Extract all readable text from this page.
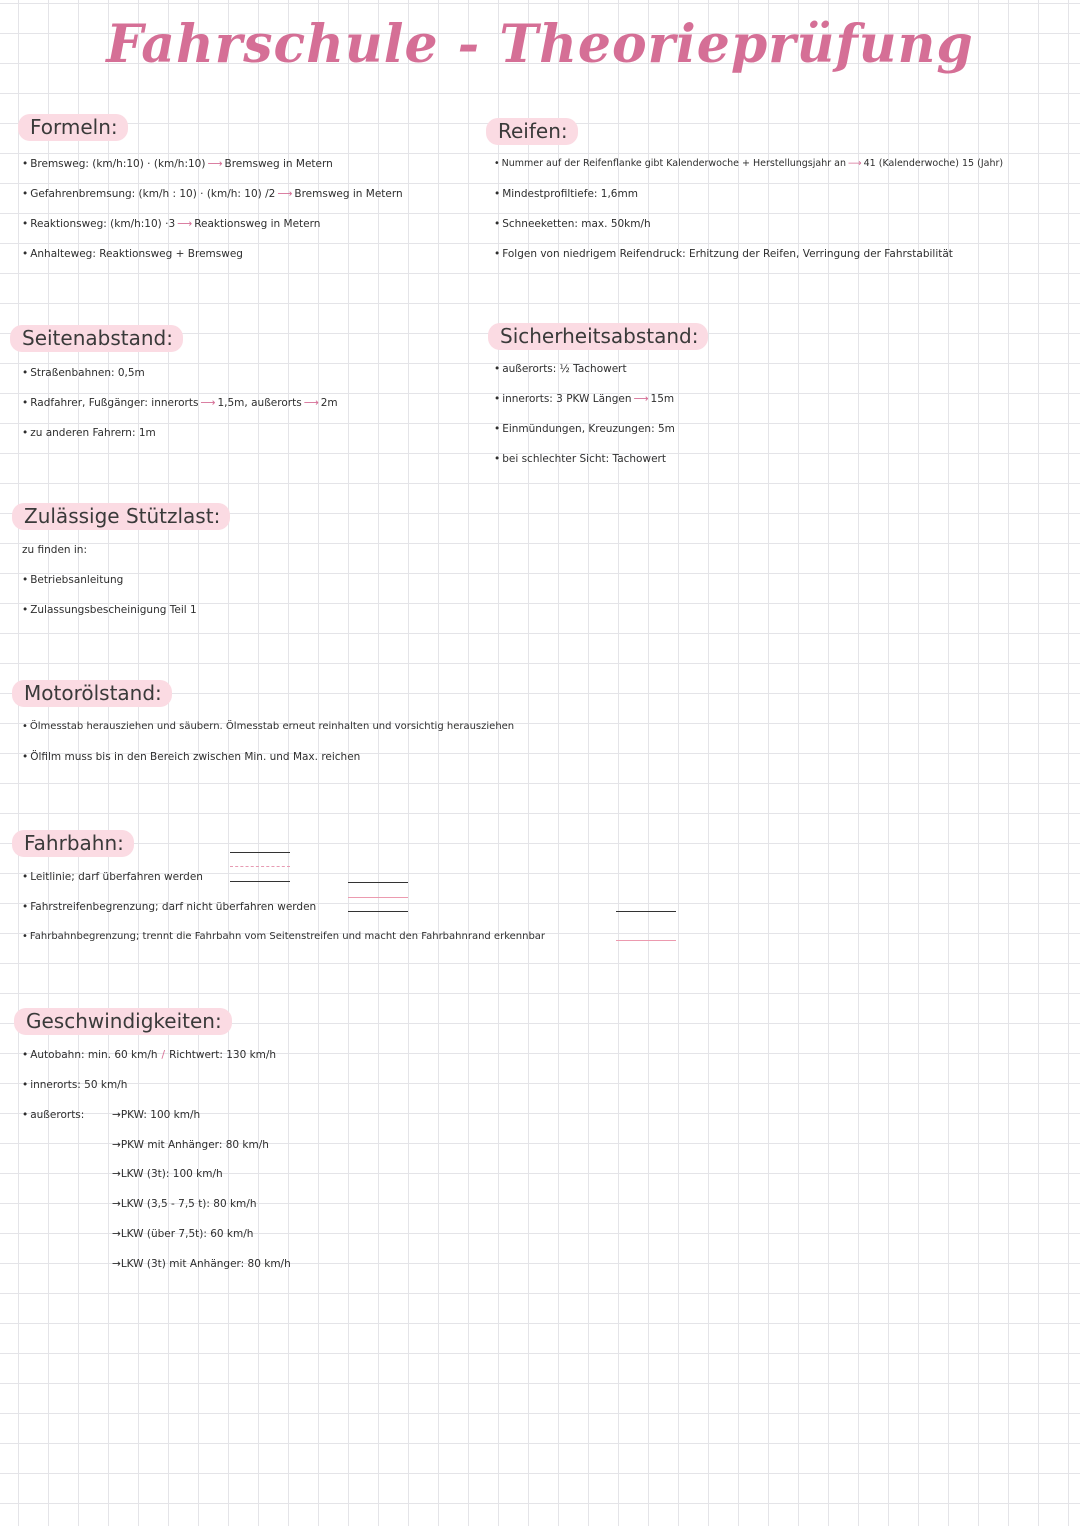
Fahrschule - Theorieprüfung
Formeln:
• Bremsweg: (km/h:10) · (km/h:10) ⟶ Bremsweg in Metern
• Gefahrenbremsung: (km/h : 10) · (km/h: 10) /2 ⟶ Bremsweg in Metern
• Reaktionsweg: (km/h:10) ·3 ⟶ Reaktionsweg in Metern
• Anhalteweg: Reaktionsweg + Bremsweg
Reifen:
• Nummer auf der Reifenflanke gibt Kalenderwoche + Herstellungsjahr an ⟶ 41 (Kalenderwoche) 15 (Jahr)
• Mindestprofiltiefe: 1,6mm
• Schneeketten: max. 50km/h
• Folgen von niedrigem Reifendruck: Erhitzung der Reifen, Verringung der Fahrstabilität
Seitenabstand:
• Straßenbahnen: 0,5m
• Radfahrer, Fußgänger: innerorts ⟶ 1,5m, außerorts ⟶ 2m
• zu anderen Fahrern: 1m
Sicherheitsabstand:
• außerorts: ½ Tachowert
• innerorts: 3 PKW Längen ⟶ 15m
• Einmündungen, Kreuzungen: 5m
• bei schlechter Sicht: Tachowert
Zulässige Stützlast:
zu finden in:
• Betriebsanleitung
• Zulassungsbescheinigung Teil 1
Motorölstand:
• Ölmesstab herausziehen und säubern. Ölmesstab erneut reinhalten und vorsichtig herausziehen
• Ölfilm muss bis in den Bereich zwischen Min. und Max. reichen
Fahrbahn:
• Leitlinie; darf überfahren werden
• Fahrstreifenbegrenzung; darf nicht überfahren werden
• Fahrbahnbegrenzung; trennt die Fahrbahn vom Seitenstreifen und macht den Fahrbahnrand erkennbar
Geschwindigkeiten:
• Autobahn: min. 60 km/h / Richtwert: 130 km/h
• innerorts: 50 km/h
• außerorts:	→PKW: 100 km/h
→PKW mit Anhänger: 80 km/h
→LKW (3t): 100 km/h
→LKW (3,5 - 7,5 t): 80 km/h
→LKW (über 7,5t): 60 km/h
→LKW (3t) mit Anhänger: 80 km/h
